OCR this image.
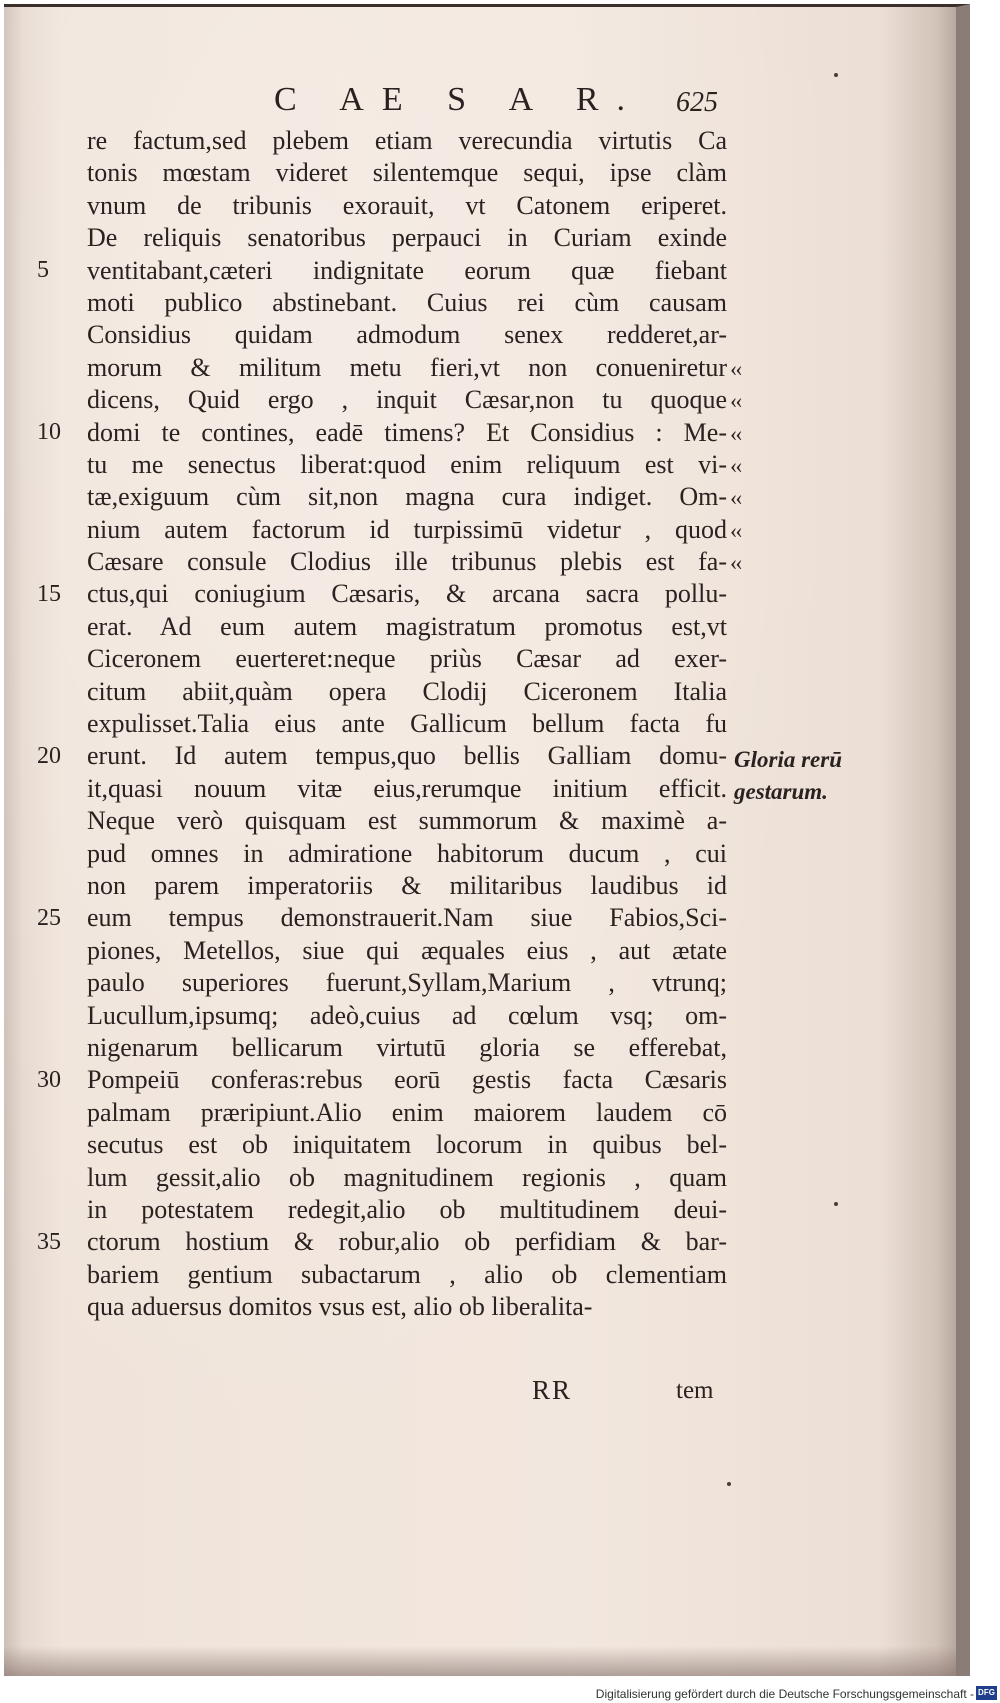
C AE S A R. 625
re factum,sed plebem etiam verecundia virtutis Ca
tonis mœstam videret silentemque sequi, ipse clàm
vnum de tribunis exorauit, vt Catonem eriperet.
De reliquis senatoribus perpauci in Curiam exinde
ventitabant,cæteri indignitate eorum quæ fiebant
moti publico abstinebant. Cuius rei cùm causam
Considius quidam admodum senex redderet,ar-
morum & militum metu fieri,vt non conueniretur
dicens, Quid ergo , inquit Cæsar,non tu quoque
domi te contines, eadē timens? Et Considius : Me-
tu me senectus liberat:quod enim reliquum est vi-
tæ,exiguum cùm sit,non magna cura indiget. Om-
nium autem factorum id turpissimū videtur , quod
Cæsare consule Clodius ille tribunus plebis est fa-
ctus,qui coniugium Cæsaris, & arcana sacra pollu-
erat. Ad eum autem magistratum promotus est,vt
Ciceronem euerteret:neque priùs Cæsar ad exer-
citum abiit,quàm opera Clodij Ciceronem Italia
expulisset.Talia eius ante Gallicum bellum facta fu
erunt. Id autem tempus,quo bellis Galliam domu-
it,quasi nouum vitæ eius,rerumque initium efficit.
Neque verò quisquam est summorum & maximè a-
pud omnes in admiratione habitorum ducum , cui
non parem imperatoriis & militaribus laudibus id
eum tempus demonstrauerit.Nam siue Fabios,Sci-
piones, Metellos, siue qui æquales eius , aut ætate
paulo superiores fuerunt,Syllam,Marium , vtrunq;
Lucullum,ipsumq; adeò,cuius ad cœlum vsq; om-
nigenarum bellicarum virtutū gloria se efferebat,
Pompeiū conferas:rebus eorū gestis facta Cæsaris
palmam præripiunt.Alio enim maiorem laudem cō
secutus est ob iniquitatem locorum in quibus bel-
lum gessit,alio ob magnitudinem regionis , quam
in potestatem redegit,alio ob multitudinem deui-
ctorum hostium & robur,alio ob perfidiam & bar-
bariem gentium subactarum , alio ob clementiam
qua aduersus domitos vsus est, alio ob liberalita-
5
10
15
20
25
30
35
‹‹
‹‹
‹‹
‹‹
‹‹
‹‹
‹‹
Gloria rerū
gestarum.
RR	tem
Digitalisierung gefördert durch die Deutsche Forschungsgemeinschaft - DFG
